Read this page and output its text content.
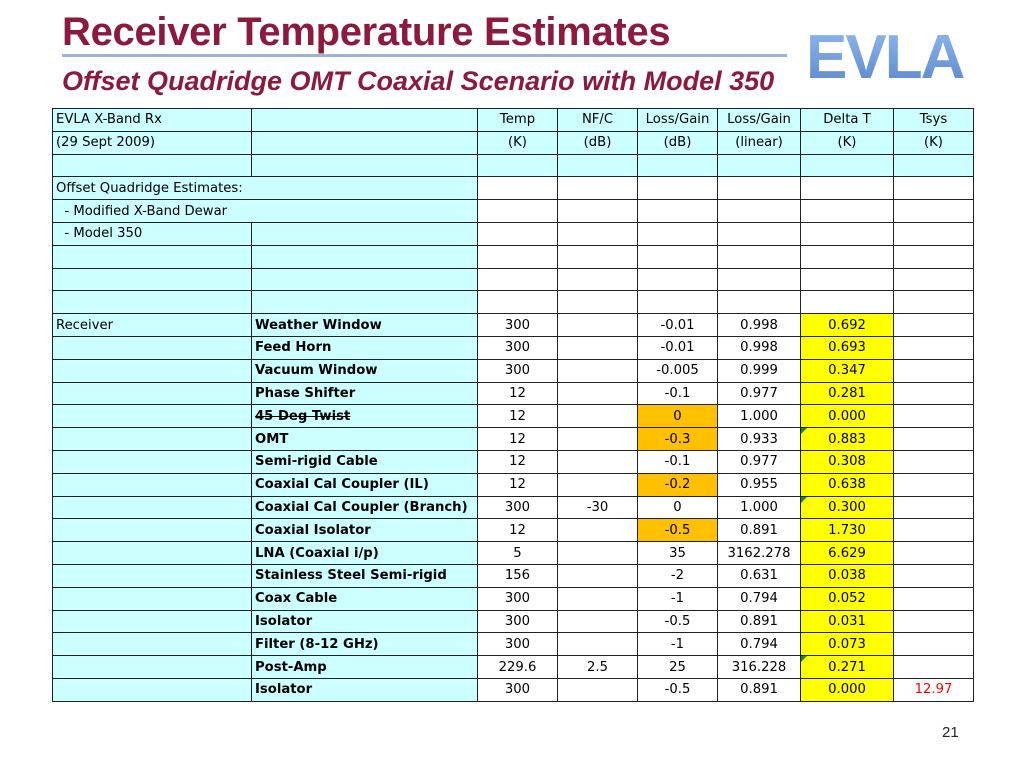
Receiver Temperature Estimates
Offset Quadridge OMT Coaxial Scenario with Model 350 EVLA
EVLA X-Band Rx		Temp	NF/C	Loss/Gain	Loss/Gain	Delta T	Tsys
(29 Sept 2009)		(K)	(dB)	(dB)	(linear)	(K)	(K)

Offset Quadridge Estimates:							
- Modified X-Band Dewar							
- Model 350							

Receiver	Weather Window	300		-0.01	0.998	0.692	
	Feed Horn	300		-0.01	0.998	0.693	
	Vacuum Window	300		-0.005	0.999	0.347	
	Phase Shifter	12		-0.1	0.977	0.281	
	45 Deg Twist	12		0	1.000	0.000	
	OMT	12		-0.3	0.933	0.883	
	Semi-rigid Cable	12		-0.1	0.977	0.308	
	Coaxial Cal Coupler (IL)	12		-0.2	0.955	0.638	
	Coaxial Cal Coupler (Branch)	300	-30	0	1.000	0.300	
	Coaxial Isolator	12		-0.5	0.891	1.730	
	LNA (Coaxial i/p)	5		35	3162.278	6.629	
	Stainless Steel Semi-rigid	156		-2	0.631	0.038	
	Coax Cable	300		-1	0.794	0.052	
	Isolator	300		-0.5	0.891	0.031	
	Filter (8-12 GHz)	300		-1	0.794	0.073	
	Post-Amp	229.6	2.5	25	316.228	0.271	
	Isolator	300		-0.5	0.891	0.000	12.97
21
